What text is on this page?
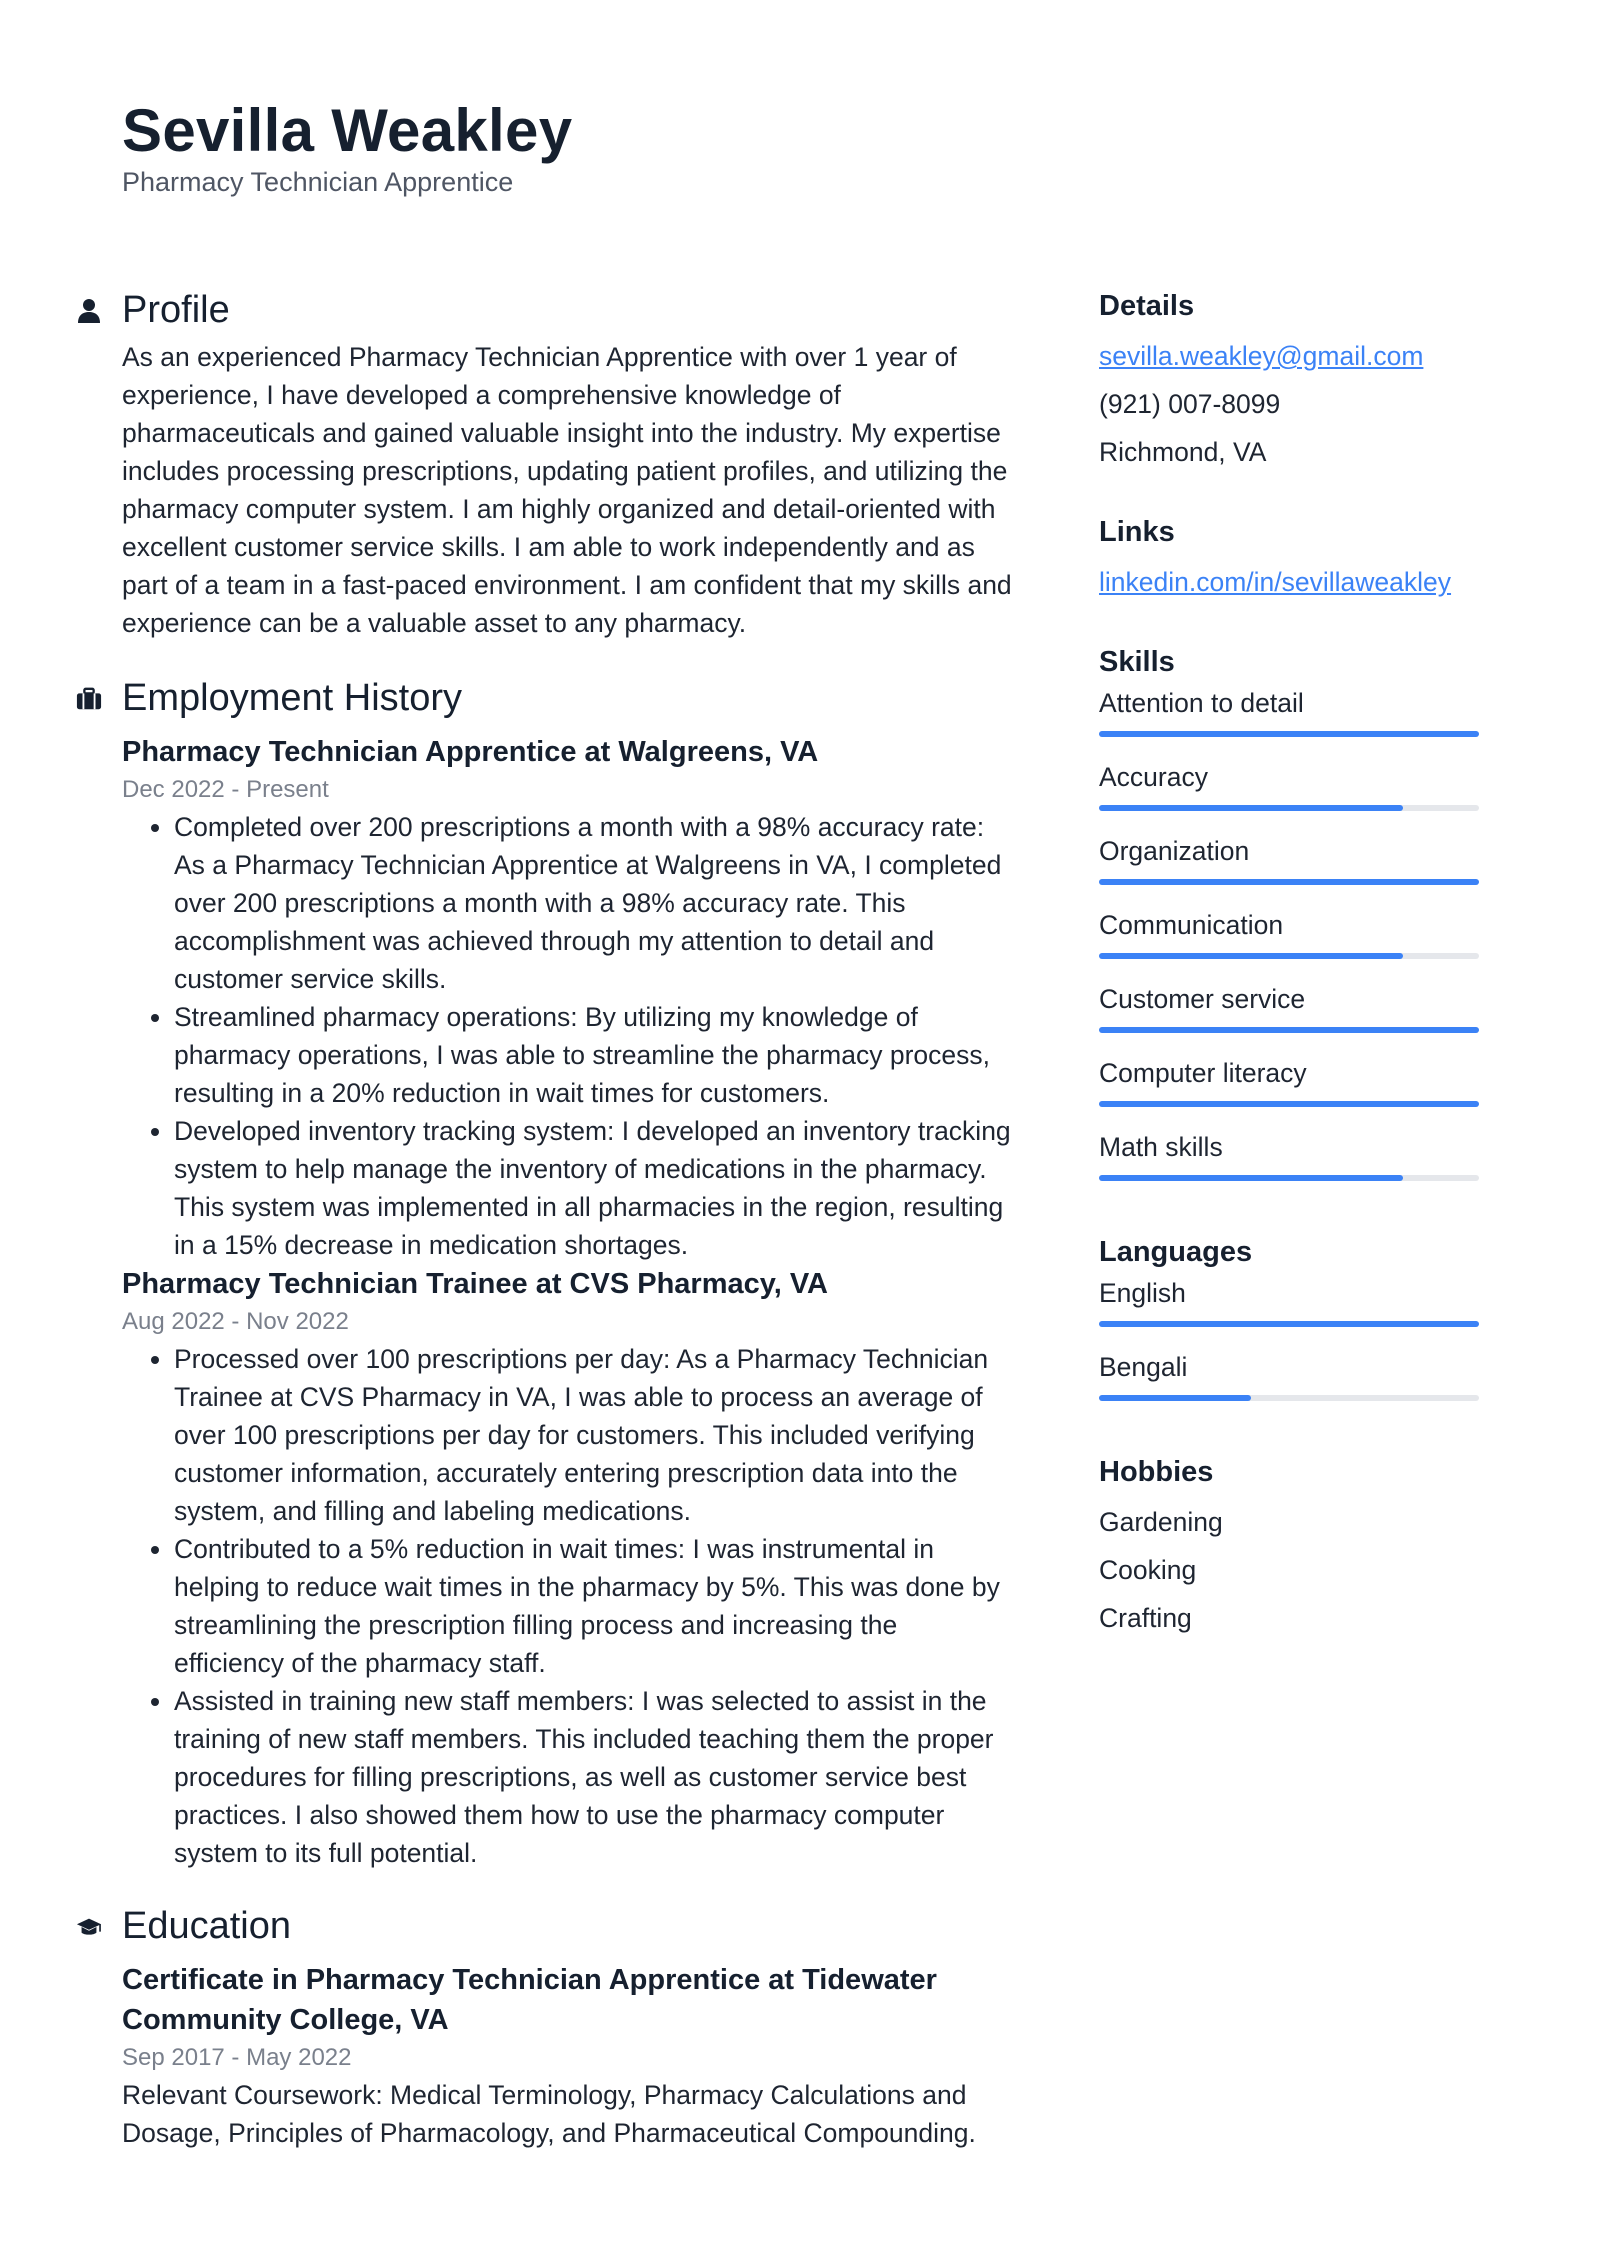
Sevilla Weakley
Pharmacy Technician Apprentice
Profile

As an experienced Pharmacy Technician Apprentice with over 1 year of experience, I have developed a comprehensive knowledge of pharmaceuticals and gained valuable insight into the industry. My expertise includes processing prescriptions, updating patient profiles, and utilizing the pharmacy computer system. I am highly organized and detail-oriented with excellent customer service skills. I am able to work independently and as part of a team in a fast-paced environment. I am confident that my skills and experience can be a valuable asset to any pharmacy.

Employment History
Pharmacy Technician Apprentice at Walgreens, VA
Dec 2022 - Present
• Completed over 200 prescriptions a month with a 98% accuracy rate: As a Pharmacy Technician Apprentice at Walgreens in VA, I completed over 200 prescriptions a month with a 98% accuracy rate. This accomplishment was achieved through my attention to detail and customer service skills.
• Streamlined pharmacy operations: By utilizing my knowledge of pharmacy operations, I was able to streamline the pharmacy process, resulting in a 20% reduction in wait times for customers.
• Developed inventory tracking system: I developed an inventory tracking system to help manage the inventory of medications in the pharmacy. This system was implemented in all pharmacies in the region, resulting in a 15% decrease in medication shortages.
Pharmacy Technician Trainee at CVS Pharmacy, VA
Aug 2022 - Nov 2022
• Processed over 100 prescriptions per day: As a Pharmacy Technician Trainee at CVS Pharmacy in VA, I was able to process an average of over 100 prescriptions per day for customers. This included verifying customer information, accurately entering prescription data into the system, and filling and labeling medications.
• Contributed to a 5% reduction in wait times: I was instrumental in helping to reduce wait times in the pharmacy by 5%. This was done by streamlining the prescription filling process and increasing the efficiency of the pharmacy staff.
• Assisted in training new staff members: I was selected to assist in the training of new staff members. This included teaching them the proper procedures for filling prescriptions, as well as customer service best practices. I also showed them how to use the pharmacy computer system to its full potential.
Education
Certificate in Pharmacy Technician Apprentice at Tidewater Community College, VA
Sep 2017 - May 2022

Relevant Coursework: Medical Terminology, Pharmacy Calculations and Dosage, Principles of Pharmacology, and Pharmaceutical Compounding.

Details
sevilla.weakley@gmail.com
(921) 007-8099
Richmond, VA
Links
linkedin.com/in/sevillaweakley
Skills
Attention to detail
Accuracy
Organization
Communication
Customer service
Computer literacy
Math skills
Languages
English
Bengali
Hobbies
Gardening
Cooking
Crafting
